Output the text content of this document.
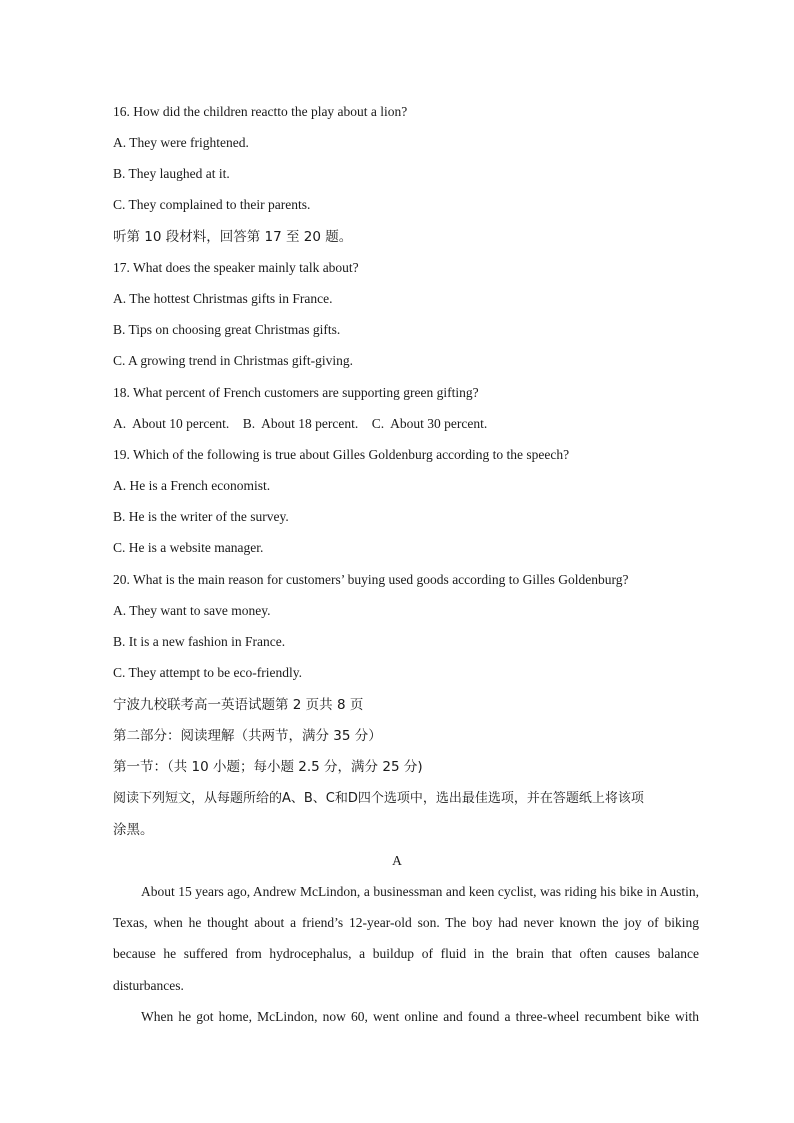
16. How did the children reactto the play about a lion?
A. They were frightened.
B. They laughed at it.
C. They complained to their parents.
听第 10 段材料，回答第 17 至 20 题。
17. What does the speaker mainly talk about?
A. The hottest Christmas gifts in France.
B. Tips on choosing great Christmas gifts.
C. A growing trend in Christmas gift-giving.
18. What percent of French customers are supporting green gifting?
A.  About 10 percent.    B.  About 18 percent.    C.  About 30 percent.
19. Which of the following is true about Gilles Goldenburg according to the speech?
A. He is a French economist.
B. He is the writer of the survey.
C. He is a website manager.
20. What is the main reason for customers’ buying used goods according to Gilles Goldenburg?
A. They want to save money.
B. It is a new fashion in France.
C. They attempt to be eco-friendly.
宁波九校联考高一英语试题第 2 页共 8 页
第二部分：阅读理解（共两节，满分 35 分）
第一节：（共 10 小题；每小题 2.5 分，满分 25 分)
阅读下列短文，从每题所给的A、B、C和D四个选项中，选出最佳选项，并在答题纸上将该项
涂黑。
A
About 15 years ago, Andrew McLindon, a businessman and keen cyclist, was riding his bike in Austin, Texas, when he thought about a friend’s 12-year-old son. The boy had never known the joy of biking because he suffered from hydrocephalus, a buildup of fluid in the brain that often causes balance disturbances.
When he got home, McLindon, now 60, went online and found a three-wheel recumbent bike with
